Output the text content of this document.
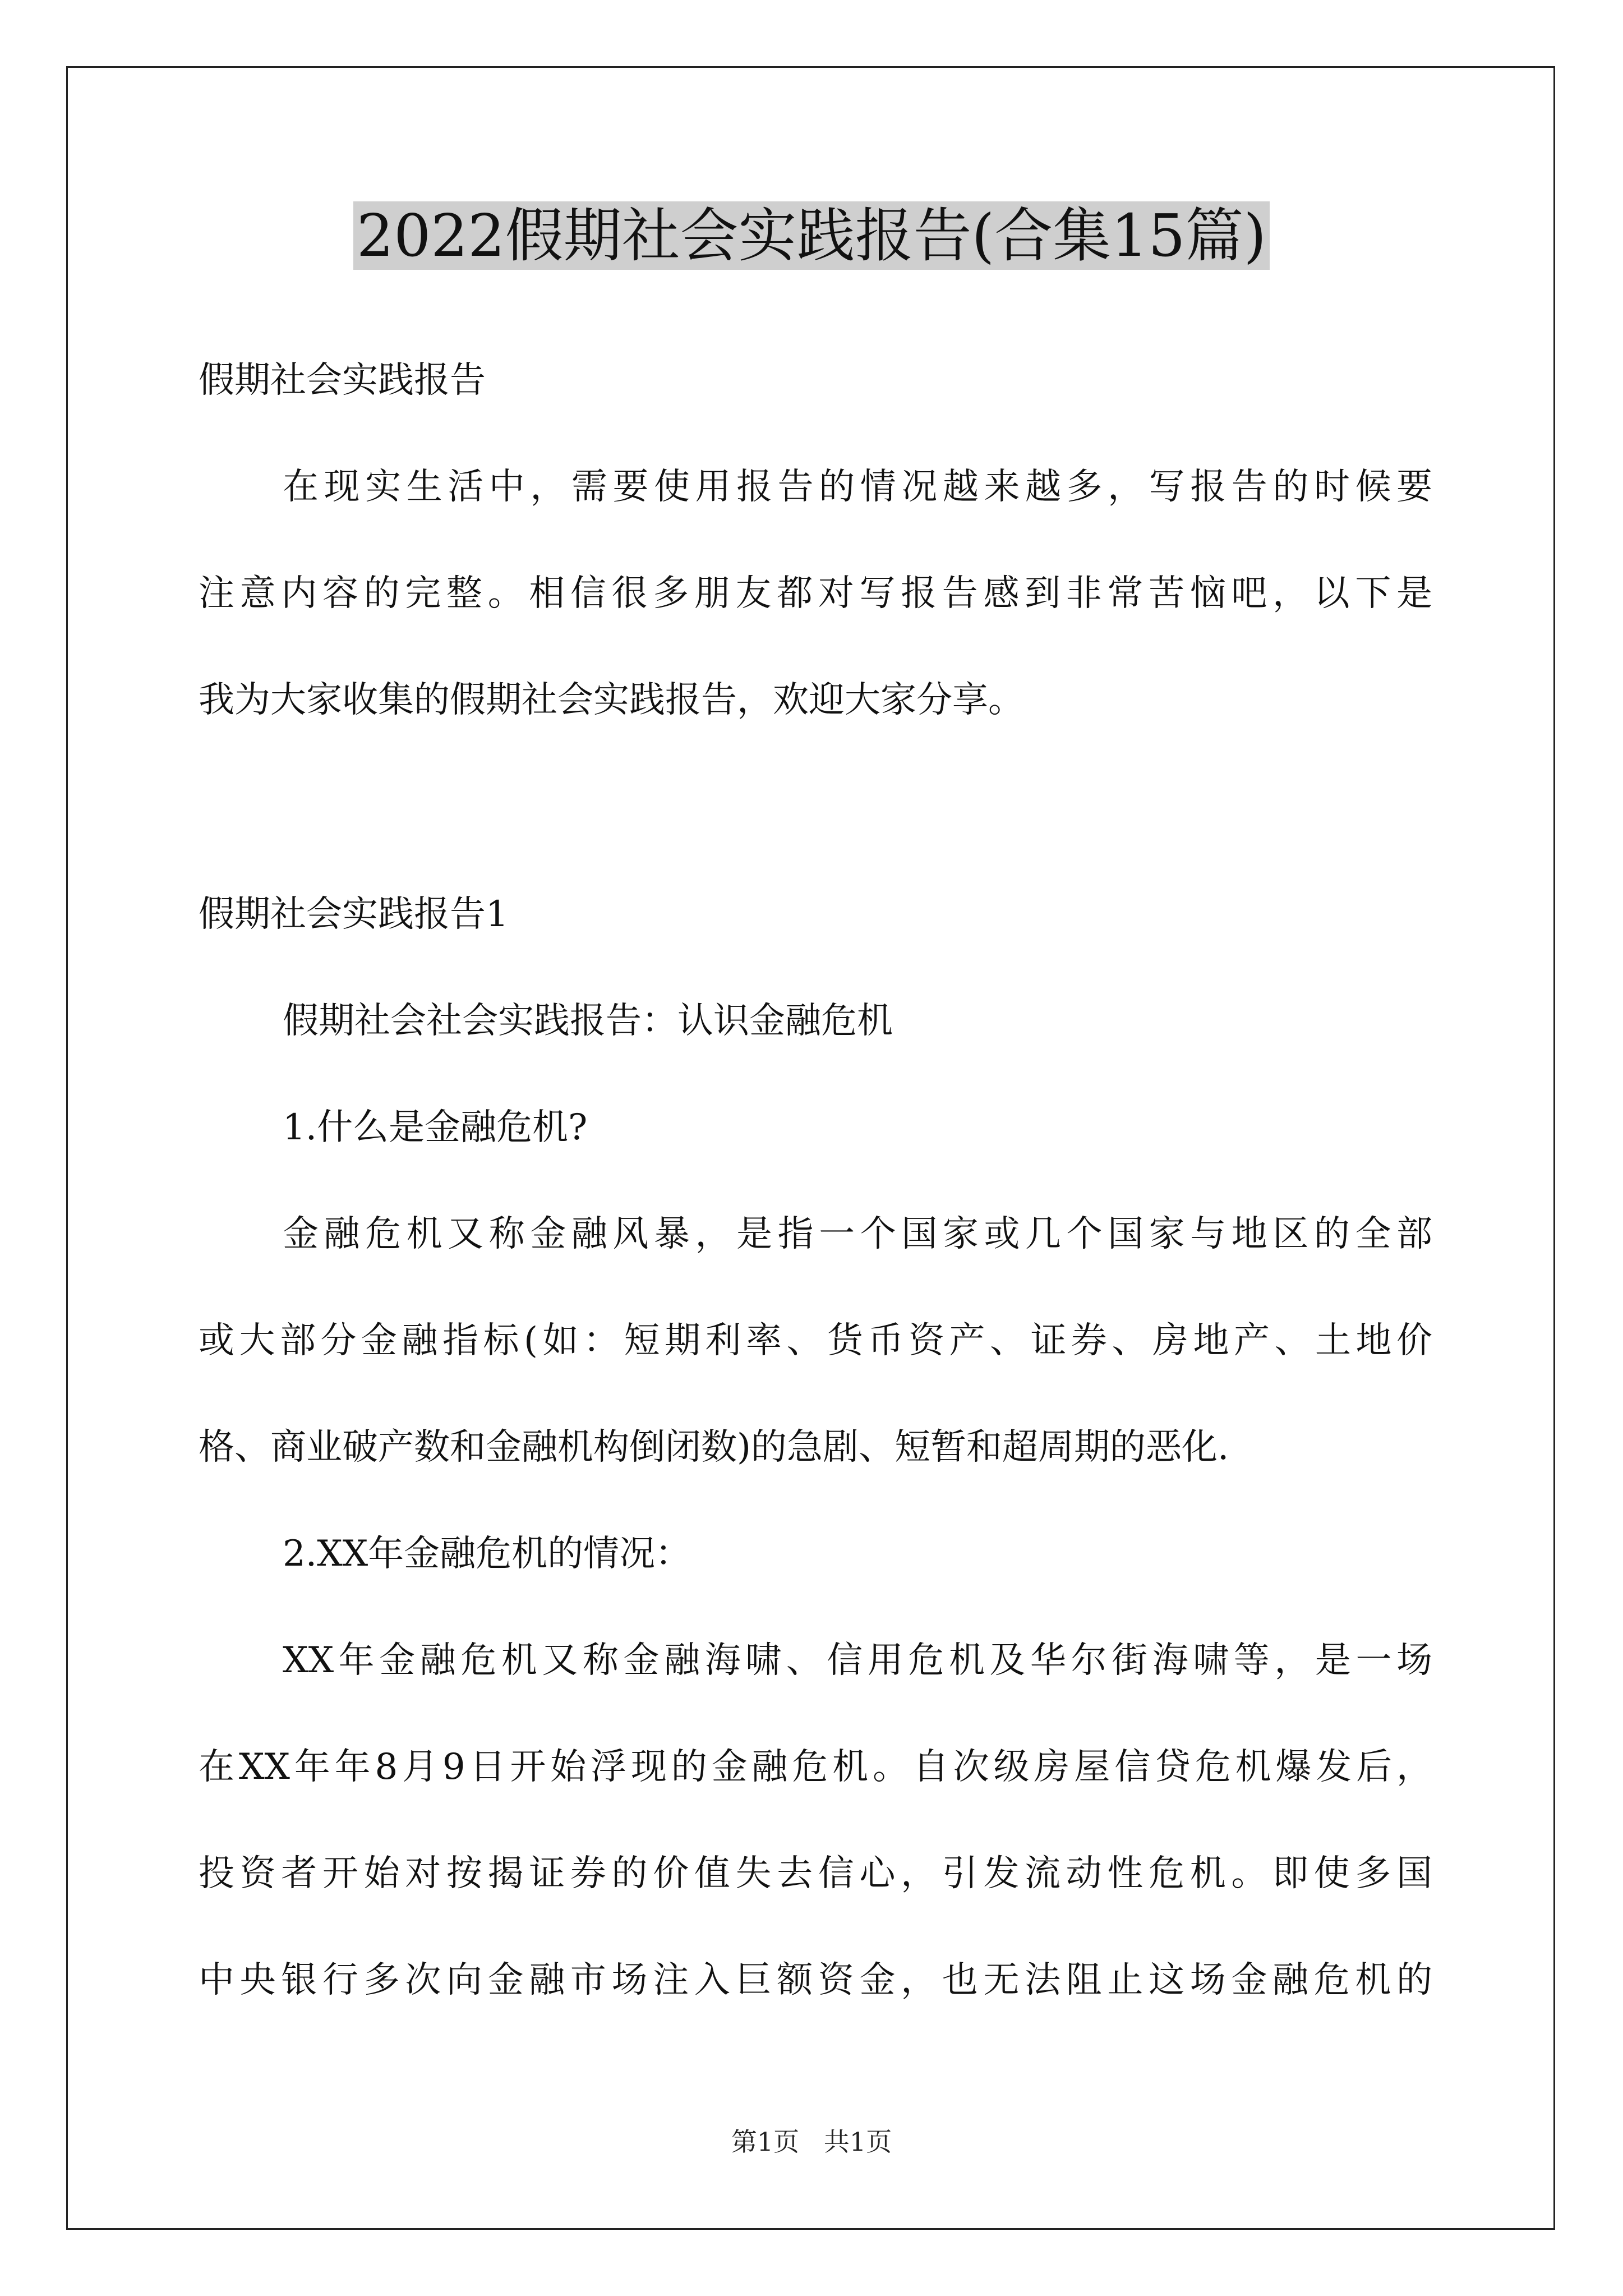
2022假期社会实践报告(合集15篇)
假期社会实践报告
在现实生活中，需要使用报告的情况越来越多，写报告的时候要
注意内容的完整。相信很多朋友都对写报告感到非常苦恼吧，以下是
我为大家收集的假期社会实践报告，欢迎大家分享。
假期社会实践报告1
假期社会社会实践报告：认识金融危机
1.什么是金融危机?
金融危机又称金融风暴，是指一个国家或几个国家与地区的全部
或大部分金融指标(如：短期利率、货币资产、证券、房地产、土地价
格、商业破产数和金融机构倒闭数)的急剧、短暂和超周期的恶化.
2.XX年金融危机的情况：
XX年金融危机又称金融海啸、信用危机及华尔街海啸等，是一场
在XX年年8月9日开始浮现的金融危机。自次级房屋信贷危机爆发后，
投资者开始对按揭证券的价值失去信心，引发流动性危机。即使多国
中央银行多次向金融市场注入巨额资金，也无法阻止这场金融危机的
第1页   共1页
